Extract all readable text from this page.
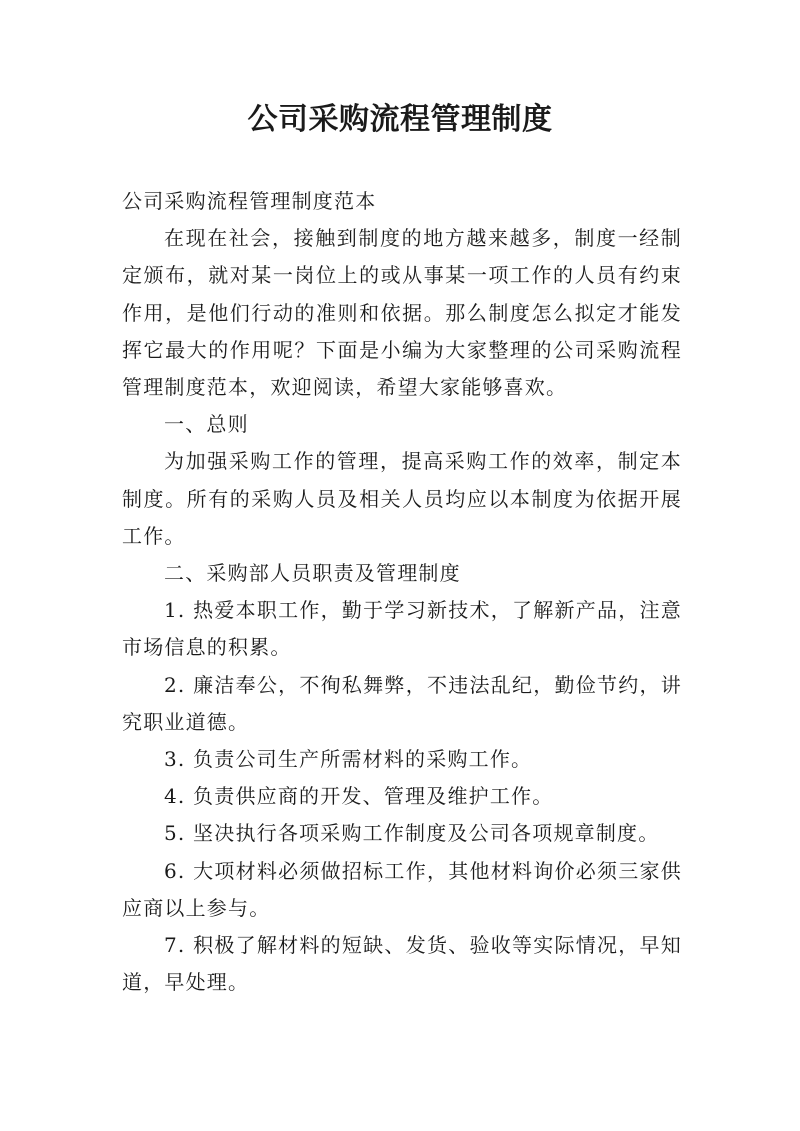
公司采购流程管理制度

公司采购流程管理制度范本

在现在社会，接触到制度的地方越来越多，制度一经制定颁布，就对某一岗位上的或从事某一项工作的人员有约束作用，是他们行动的准则和依据。那么制度怎么拟定才能发挥它最大的作用呢？下面是小编为大家整理的公司采购流程管理制度范本，欢迎阅读，希望大家能够喜欢。

一、总则

为加强采购工作的管理，提高采购工作的效率，制定本制度。所有的采购人员及相关人员均应以本制度为依据开展工作。

二、采购部人员职责及管理制度

1. 热爱本职工作，勤于学习新技术，了解新产品，注意市场信息的积累。

2. 廉洁奉公，不徇私舞弊，不违法乱纪，勤俭节约，讲究职业道德。

3. 负责公司生产所需材料的采购工作。

4. 负责供应商的开发、管理及维护工作。

5. 坚决执行各项采购工作制度及公司各项规章制度。

6. 大项材料必须做招标工作，其他材料询价必须三家供应商以上参与。

7. 积极了解材料的短缺、发货、验收等实际情况，早知道，早处理。
